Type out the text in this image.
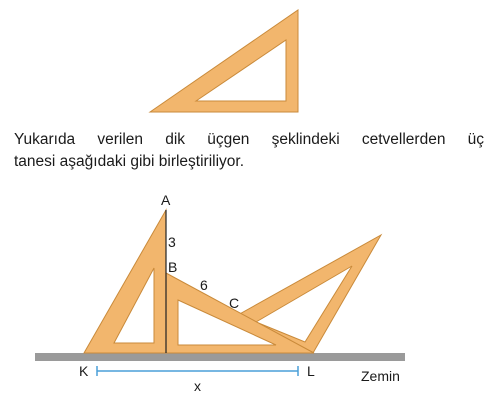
A
3
B
6
C
K	L
x
Zemin

Yukarıda verilen dik üçgen şeklindeki cetvellerden üç
tanesi aşağıdaki gibi birleştiriliyor.
